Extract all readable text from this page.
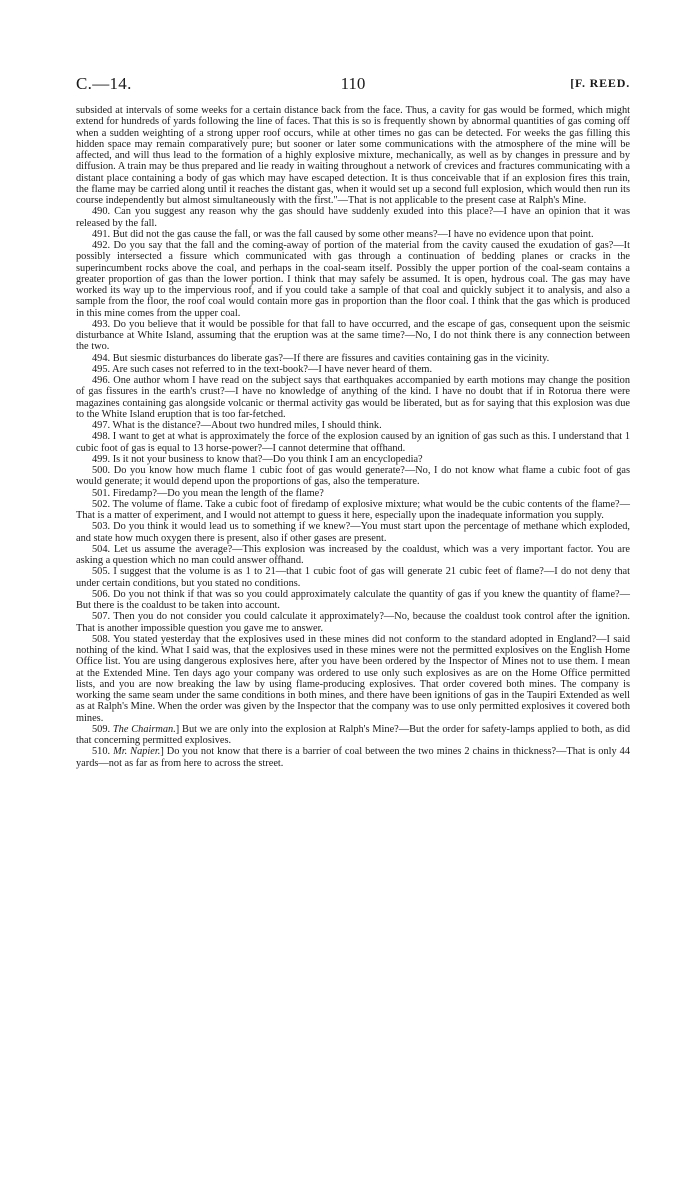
C.—14.	110	[F. REED.

subsided at intervals of some weeks for a certain distance back from the face. Thus, a cavity for gas would be formed, which might extend for hundreds of yards following the line of faces. That this is so is frequently shown by abnormal quantities of gas coming off when a sudden weighting of a strong upper roof occurs, while at other times no gas can be detected. For weeks the gas filling this hidden space may remain comparatively pure; but sooner or later some communications with the atmosphere of the mine will be affected, and will thus lead to the formation of a highly explosive mixture, mechanically, as well as by changes in pressure and by diffusion. A train may be thus prepared and lie ready in waiting throughout a network of crevices and fractures communicating with a distant place containing a body of gas which may have escaped detection. It is thus conceivable that if an explosion fires this train, the flame may be carried along until it reaches the distant gas, when it would set up a second full explosion, which would then run its course independently but almost simultaneously with the first."—That is not applicable to the present case at Ralph's Mine.

490. Can you suggest any reason why the gas should have suddenly exuded into this place?—I have an opinion that it was released by the fall.

491. But did not the gas cause the fall, or was the fall caused by some other means?—I have no evidence upon that point.

492. Do you say that the fall and the coming-away of portion of the material from the cavity caused the exudation of gas?—It possibly intersected a fissure which communicated with gas through a continuation of bedding planes or cracks in the superincumbent rocks above the coal, and perhaps in the coal-seam itself. Possibly the upper portion of the coal-seam contains a greater proportion of gas than the lower portion. I think that may safely be assumed. It is open, hydrous coal. The gas may have worked its way up to the impervious roof, and if you could take a sample of that coal and quickly subject it to analysis, and also a sample from the floor, the roof coal would contain more gas in proportion than the floor coal. I think that the gas which is produced in this mine comes from the upper coal.

493. Do you believe that it would be possible for that fall to have occurred, and the escape of gas, consequent upon the seismic disturbance at White Island, assuming that the eruption was at the same time?—No, I do not think there is any connection between the two.

494. But siesmic disturbances do liberate gas?—If there are fissures and cavities containing gas in the vicinity.

495. Are such cases not referred to in the text-book?—I have never heard of them.

496. One author whom I have read on the subject says that earthquakes accompanied by earth motions may change the position of gas fissures in the earth's crust?—I have no knowledge of anything of the kind. I have no doubt that if in Rotorua there were magazines containing gas alongside volcanic or thermal activity gas would be liberated, but as for saying that this explosion was due to the White Island eruption that is too far-fetched.

497. What is the distance?—About two hundred miles, I should think.

498. I want to get at what is approximately the force of the explosion caused by an ignition of gas such as this. I understand that 1 cubic foot of gas is equal to 13 horse-power?—I cannot determine that offhand.

499. Is it not your business to know that?—Do you think I am an encyclopedia?

500. Do you know how much flame 1 cubic foot of gas would generate?—No, I do not know what flame a cubic foot of gas would generate; it would depend upon the proportions of gas, also the temperature.

501. Firedamp?—Do you mean the length of the flame?

502. The volume of flame. Take a cubic foot of firedamp of explosive mixture; what would be the cubic contents of the flame?—That is a matter of experiment, and I would not attempt to guess it here, especially upon the inadequate information you supply.

503. Do you think it would lead us to something if we knew?—You must start upon the percentage of methane which exploded, and state how much oxygen there is present, also if other gases are present.

504. Let us assume the average?—This explosion was increased by the coaldust, which was a very important factor. You are asking a question which no man could answer offhand.

505. I suggest that the volume is as 1 to 21—that 1 cubic foot of gas will generate 21 cubic feet of flame?—I do not deny that under certain conditions, but you stated no conditions.

506. Do you not think if that was so you could approximately calculate the quantity of gas if you knew the quantity of flame?—But there is the coaldust to be taken into account.

507. Then you do not consider you could calculate it approximately?—No, because the coaldust took control after the ignition. That is another impossible question you gave me to answer.

508. You stated yesterday that the explosives used in these mines did not conform to the standard adopted in England?—I said nothing of the kind. What I said was, that the explosives used in these mines were not the permitted explosives on the English Home Office list. You are using dangerous explosives here, after you have been ordered by the Inspector of Mines not to use them. I mean at the Extended Mine. Ten days ago your company was ordered to use only such explosives as are on the Home Office permitted lists, and you are now breaking the law by using flame-producing explosives. That order covered both mines. The company is working the same seam under the same conditions in both mines, and there have been ignitions of gas in the Taupiri Extended as well as at Ralph's Mine. When the order was given by the Inspector that the company was to use only permitted explosives it covered both mines.

509. The Chairman.] But we are only into the explosion at Ralph's Mine?—But the order for safety-lamps applied to both, as did that concerning permitted explosives.

510. Mr. Napier.] Do you not know that there is a barrier of coal between the two mines 2 chains in thickness?—That is only 44 yards—not as far as from here to across the street.
